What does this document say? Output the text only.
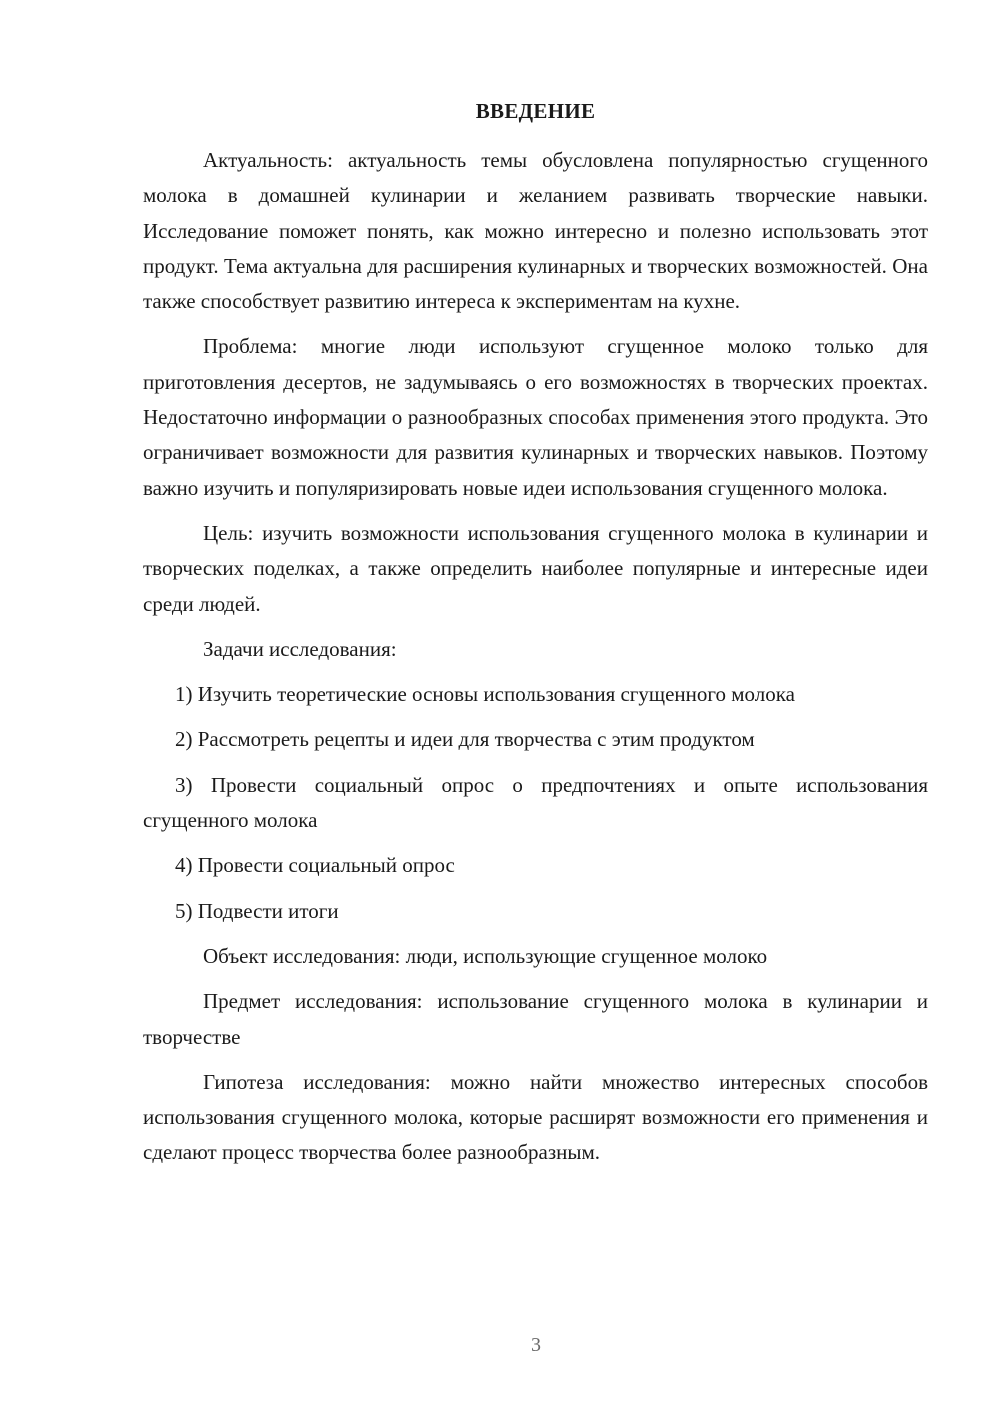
ВВЕДЕНИЕ

Актуальность: актуальность темы обусловлена популярностью сгущенного молока в домашней кулинарии и желанием развивать творческие навыки. Исследование поможет понять, как можно интересно и полезно использовать этот продукт. Тема актуальна для расширения кулинарных и творческих возможностей. Она также способствует развитию интереса к экспериментам на кухне.

Проблема: многие люди используют сгущенное молоко только для приготовления десертов, не задумываясь о его возможностях в творческих проектах. Недостаточно информации о разнообразных способах применения этого продукта. Это ограничивает возможности для развития кулинарных и творческих навыков. Поэтому важно изучить и популяризировать новые идеи использования сгущенного молока.

Цель: изучить возможности использования сгущенного молока в кулинарии и творческих поделках, а также определить наиболее популярные и интересные идеи среди людей.

Задачи исследования:

1) Изучить теоретические основы использования сгущенного молока

2) Рассмотреть рецепты и идеи для творчества с этим продуктом

3) Провести социальный опрос о предпочтениях и опыте использования сгущенного молока

4) Провести социальный опрос

5) Подвести итоги

Объект исследования: люди, использующие сгущенное молоко

Предмет исследования: использование сгущенного молока в кулинарии и творчестве

Гипотеза исследования: можно найти множество интересных способов использования сгущенного молока, которые расширят возможности его применения и сделают процесс творчества более разнообразным.

3
